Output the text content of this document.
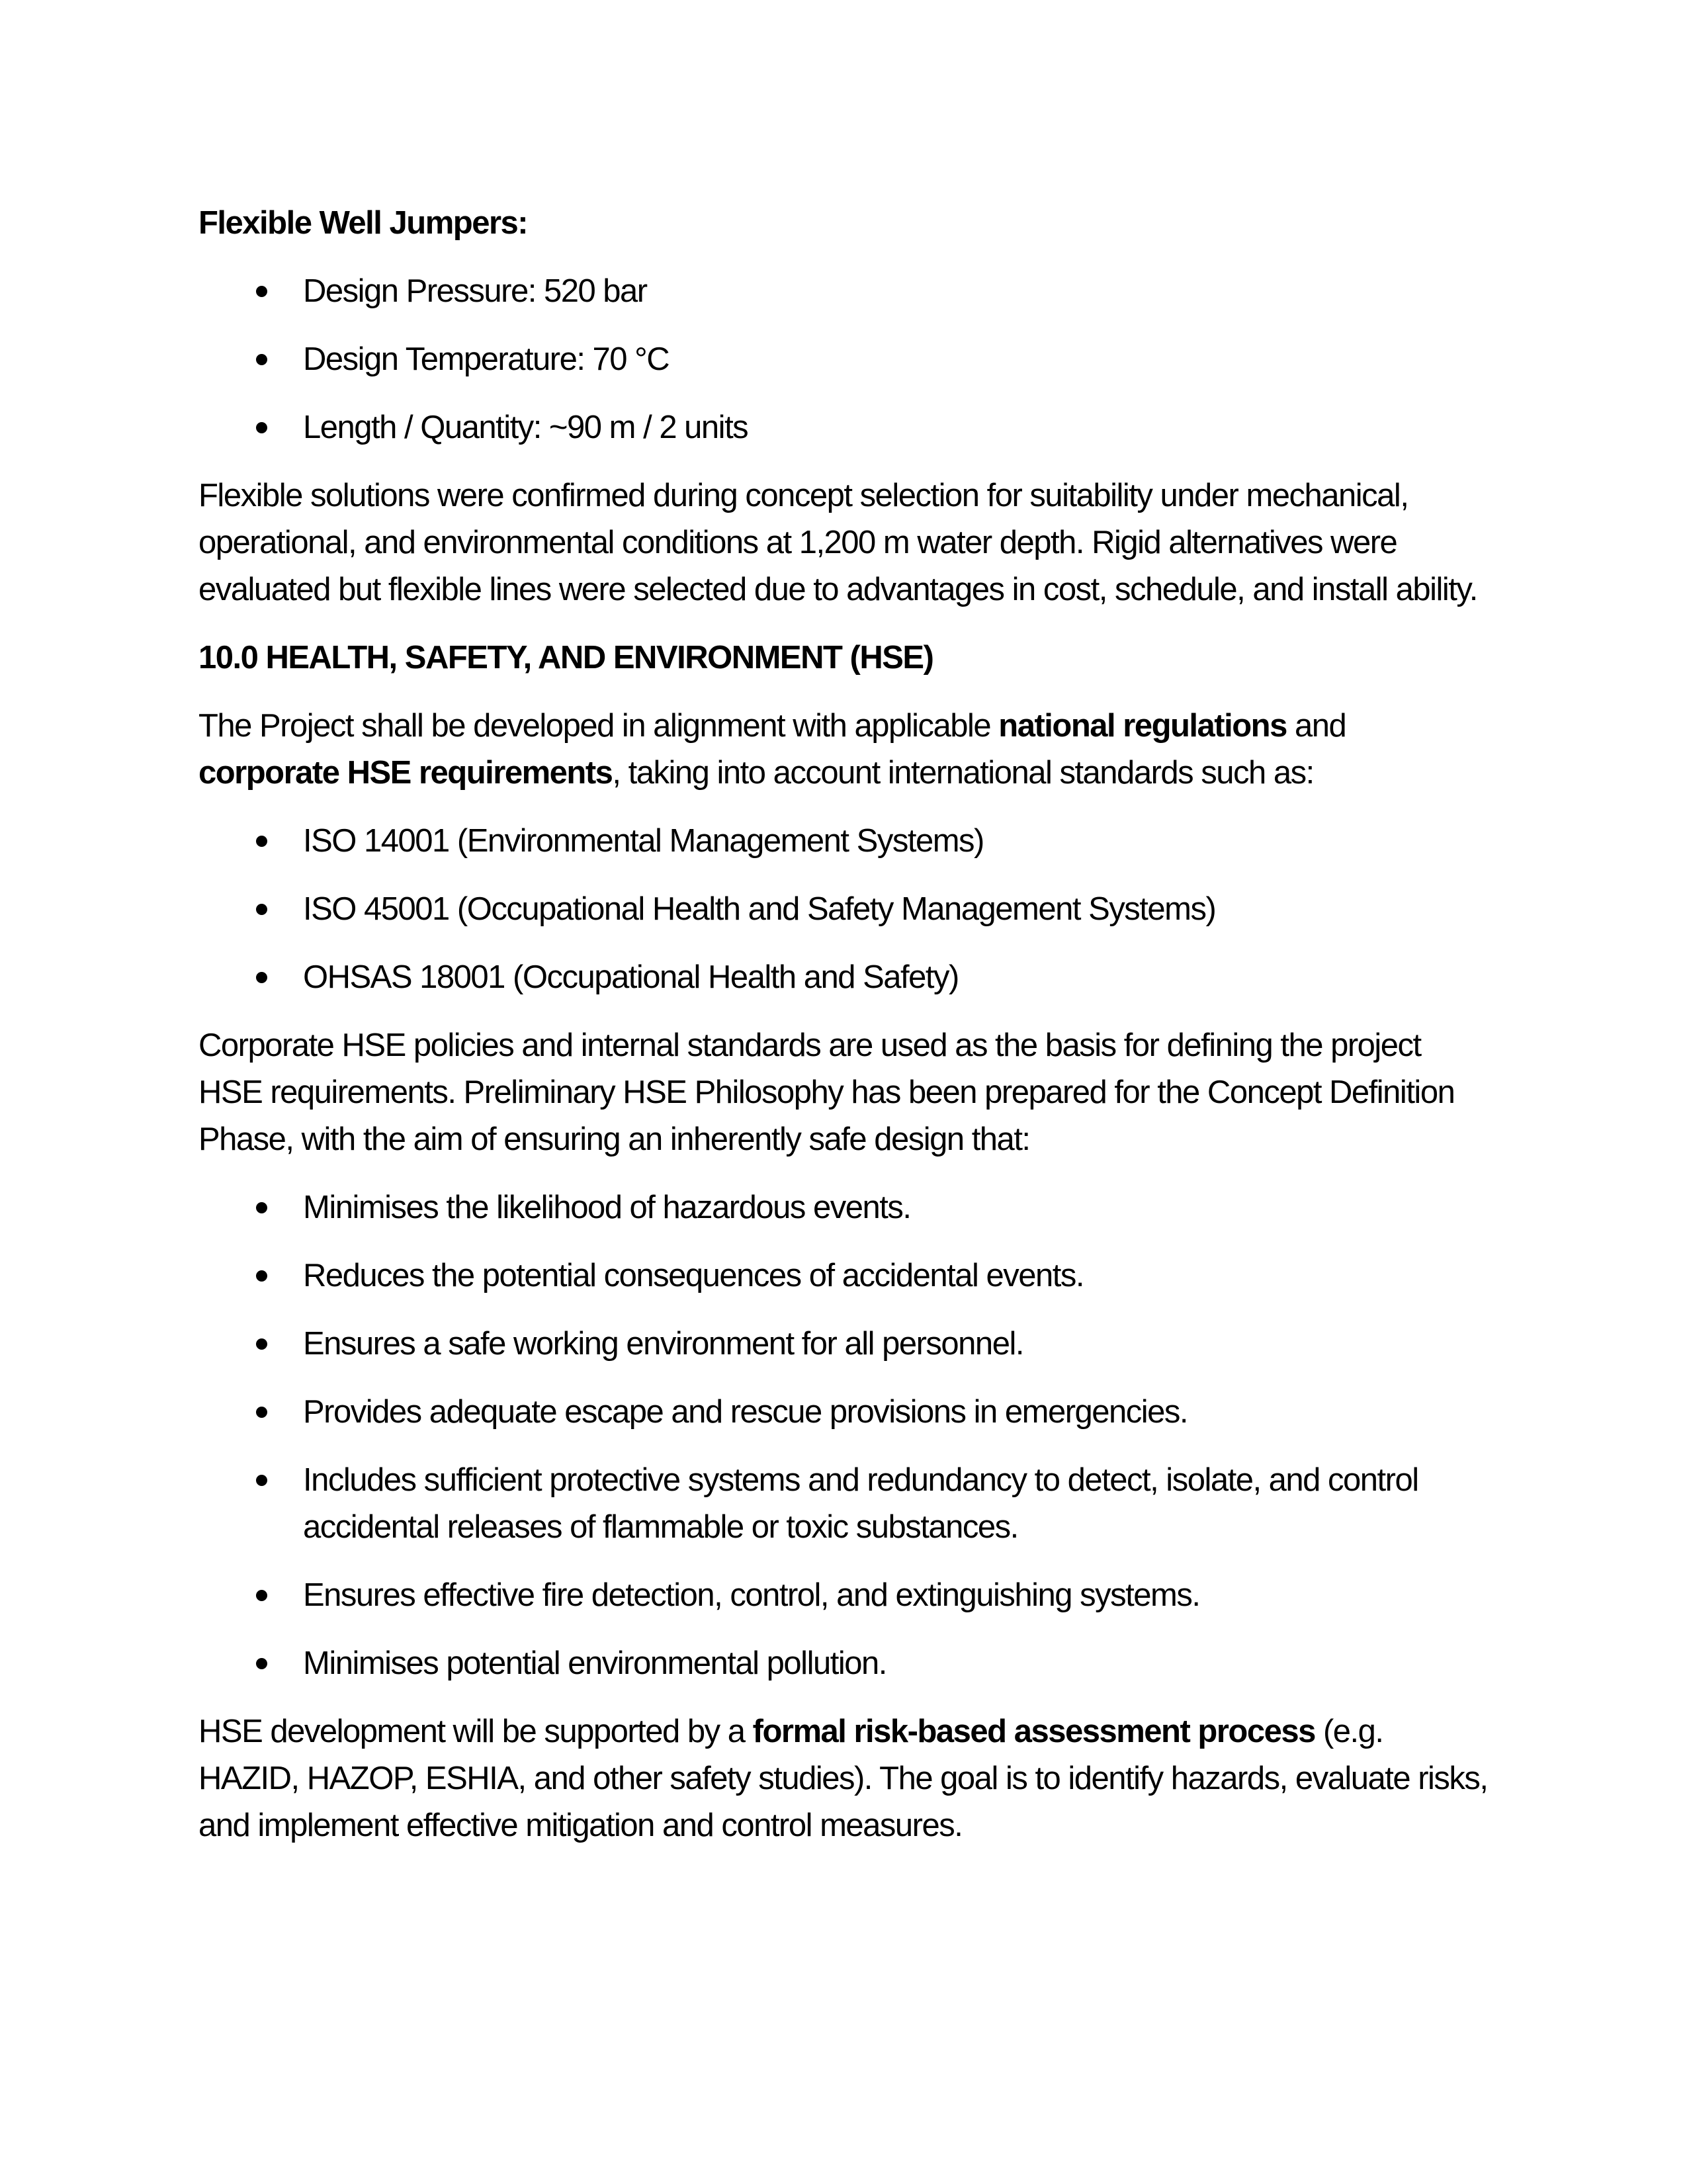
Flexible Well Jumpers:
Design Pressure: 520 bar
Design Temperature: 70 °C
Length / Quantity: ~90 m / 2 units

Flexible solutions were confirmed during concept selection for suitability under mechanical, operational, and environmental conditions at 1,200 m water depth. Rigid alternatives were evaluated but flexible lines were selected due to advantages in cost, schedule, and install ability.

10.0 HEALTH, SAFETY, AND ENVIRONMENT (HSE)

The Project shall be developed in alignment with applicable national regulations and corporate HSE requirements, taking into account international standards such as:

ISO 14001 (Environmental Management Systems)
ISO 45001 (Occupational Health and Safety Management Systems)
OHSAS 18001 (Occupational Health and Safety)

Corporate HSE policies and internal standards are used as the basis for defining the project HSE requirements. Preliminary HSE Philosophy has been prepared for the Concept Definition Phase, with the aim of ensuring an inherently safe design that:

Minimises the likelihood of hazardous events.
Reduces the potential consequences of accidental events.
Ensures a safe working environment for all personnel.
Provides adequate escape and rescue provisions in emergencies.
Includes sufficient protective systems and redundancy to detect, isolate, and control accidental releases of flammable or toxic substances.
Ensures effective fire detection, control, and extinguishing systems.
Minimises potential environmental pollution.

HSE development will be supported by a formal risk-based assessment process (e.g. HAZID, HAZOP, ESHIA, and other safety studies). The goal is to identify hazards, evaluate risks, and implement effective mitigation and control measures.
